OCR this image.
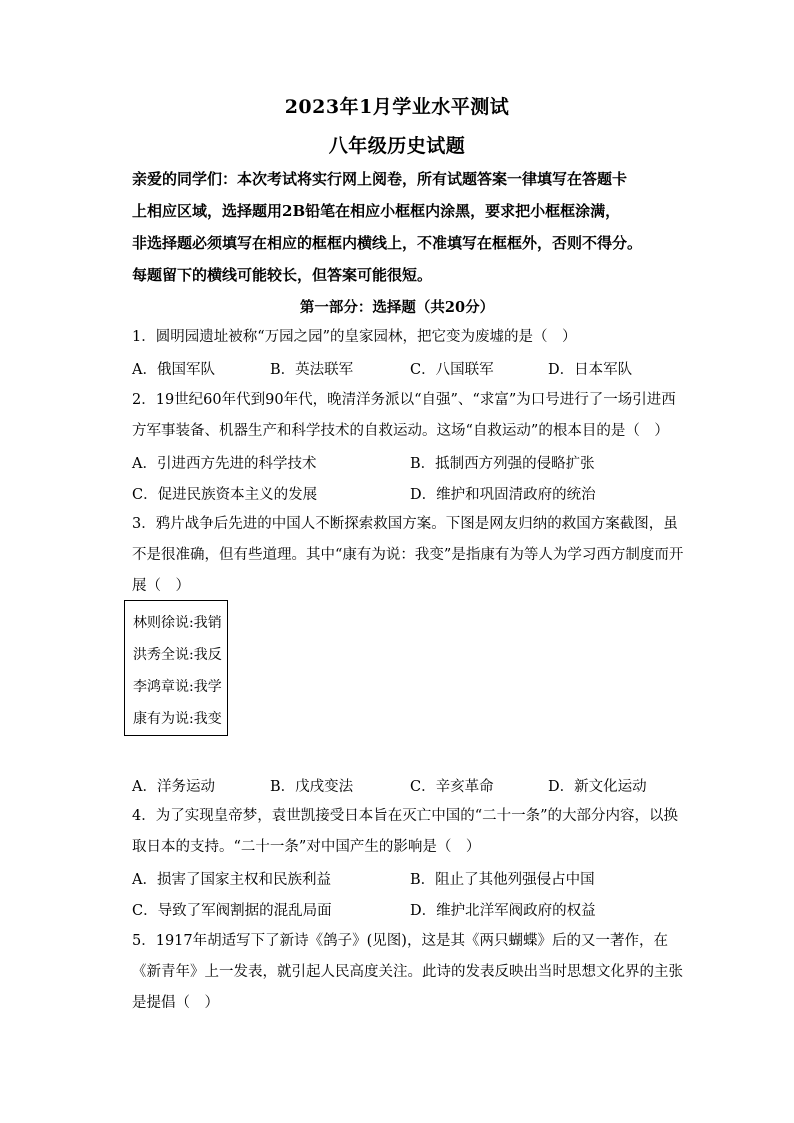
2023年1月学业水平测试
八年级历史试题
亲爱的同学们：本次考试将实行网上阅卷，所有试题答案一律填写在答题卡
上相应区域，选择题用2B铅笔在相应小框框内涂黑，要求把小框框涂满，
非选择题必须填写在相应的框框内横线上，不准填写在框框外，否则不得分。
每题留下的横线可能较长，但答案可能很短。
第一部分：选择题（共20分）
1．圆明园遗址被称“万园之园”的皇家园林，把它变为废墟的是（　）
A．俄国军队	B．英法联军	C．八国联军	D．日本军队
2．19世纪60年代到90年代，晚清洋务派以“自强”、“求富”为口号进行了一场引进西
方军事装备、机器生产和科学技术的自救运动。这场“自救运动”的根本目的是（　）
A．引进西方先进的科学技术	B．抵制西方列强的侵略扩张
C．促进民族资本主义的发展	D．维护和巩固清政府的统治
3．鸦片战争后先进的中国人不断探索救国方案。下图是网友归纳的救国方案截图，虽
不是很准确，但有些道理。其中“康有为说：我变”是指康有为等人为学习西方制度而开
展（　）
林则徐说:我销
洪秀全说:我反
李鸿章说:我学
康有为说:我变
A．洋务运动	B．戊戌变法	C．辛亥革命	D．新文化运动
4．为了实现皇帝梦，袁世凯接受日本旨在灭亡中国的“二十一条”的大部分内容，以换
取日本的支持。“二十一条”对中国产生的影响是（　）
A．损害了国家主权和民族利益	B．阻止了其他列强侵占中国
C．导致了军阀割据的混乱局面	D．维护北洋军阀政府的权益
5．1917年胡适写下了新诗《鸽子》(见图)，这是其《两只蝴蝶》后的又一著作，在
《新青年》上一发表，就引起人民高度关注。此诗的发表反映出当时思想文化界的主张
是提倡（　）
